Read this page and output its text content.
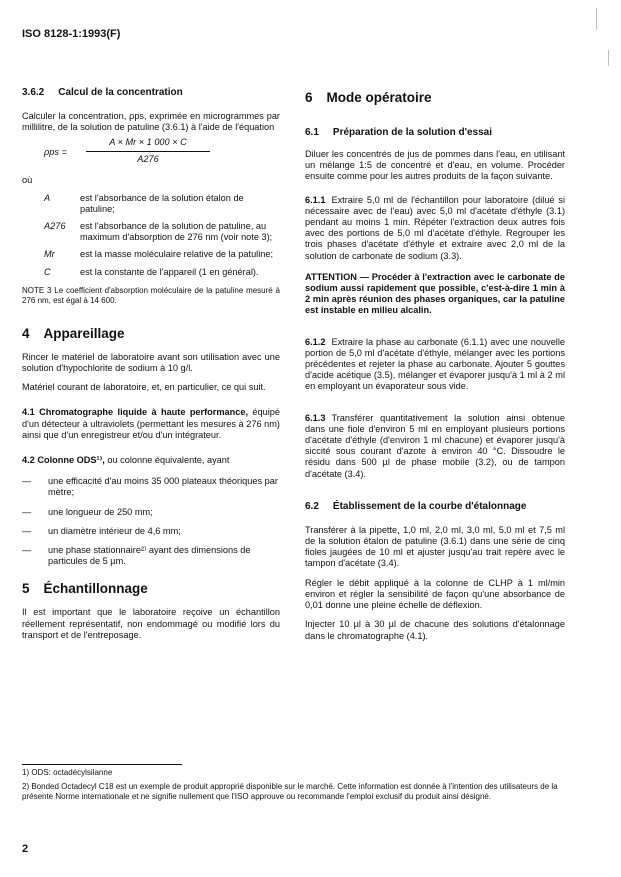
ISO 8128-1:1993(F)
3.6.2 Calcul de la concentration

Calculer la concentration, ρps, exprimée en microgrammes par millilitre, de la solution de patuline (3.6.1) à l'aide de l'équation

ρps =
A × Mr × 1 000 × C
A276

où

A	est l'absorbance de la solution étalon de patuline;
A276	est l'absorbance de la solution de patuline, au maximum d'absorption de 276 nm (voir note 3);
Mr	est la masse moléculaire relative de la patuline;
C	est la constante de l'appareil (1 en général).

NOTE 3 Le coefficient d'absorption moléculaire de la patuline mesuré à 276 nm, est égal à 14 600.

4 Appareillage

Rincer le matériel de laboratoire avant son utilisation avec une solution d'hypochlorite de sodium à 10 g/l.

Matériel courant de laboratoire, et, en particulier, ce qui suit.

4.1 Chromatographe liquide à haute performance, équipé d'un détecteur à ultraviolets (permettant les mesures à 276 nm) ainsi que d'un enregistreur et/ou d'un intégrateur.

4.2 Colonne ODS¹⁾, ou colonne équivalente, ayant

—	une efficacité d'au moins 35 000 plateaux théoriques par mètre;
—	une longueur de 250 mm;
—	un diamètre intérieur de 4,6 mm;
—	une phase stationnaire²⁾ ayant des dimensions de particules de 5 µm.
5 Échantillonnage

Il est important que le laboratoire reçoive un échantillon réellement représentatif, non endommagé ou modifié lors du transport et de l'entreposage.

6 Mode opératoire
6.1 Préparation de la solution d'essai

Diluer les concentrés de jus de pommes dans l'eau, en utilisant un mélange 1:5 de concentré et d'eau, en volume. Procéder ensuite comme pour les autres produits de la façon suivante.

6.1.1 Extraire 5,0 ml de l'échantillon pour laboratoire (dilué si nécessaire avec de l'eau) avec 5,0 ml d'acétate d'éthyle (3.1) pendant au moins 1 min. Répéter l'extraction deux autres fois avec des portions de 5,0 ml d'acétate d'éthyle. Regrouper les trois phases d'acétate d'éthyle et extraire avec 2,0 ml de la solution de carbonate de sodium (3.3).

ATTENTION — Procéder à l'extraction avec le carbonate de sodium aussi rapidement que possible, c'est-à-dire 1 min à 2 min après réunion des phases organiques, car la patuline est instable en milieu alcalin.

6.1.2 Extraire la phase au carbonate (6.1.1) avec une nouvelle portion de 5,0 ml d'acétate d'éthyle, mélanger avec les portions précédentes et rejeter la phase au carbonate. Ajouter 5 gouttes d'acide acétique (3.5), mélanger et évaporer jusqu'à 1 ml à 2 ml en employant un évaporateur sous vide.

6.1.3 Transférer quantitativement la solution ainsi obtenue dans une fiole d'environ 5 ml en employant plusieurs portions d'acétate d'éthyle (d'environ 1 ml chacune) et évaporer jusqu'à siccité sous courant d'azote à environ 40 °C. Dissoudre le résidu dans 500 µl de phase mobile (3.2), ou de tampon d'acétate (3.4).

6.2 Établissement de la courbe d'étalonnage

Transférer à la pipette, 1,0 ml, 2,0 ml, 3,0 ml, 5,0 ml et 7,5 ml de la solution étalon de patuline (3.6.1) dans une série de cinq fioles jaugées de 10 ml et ajuster jusqu'au trait repère avec le tampon d'acétate (3.4).

Régler le débit appliqué à la colonne de CLHP à 1 ml/min environ et régler la sensibilité de façon qu'une absorbance de 0,01 donne une pleine échelle de déflexion.

Injecter 10 µl à 30 µl de chacune des solutions d'étalonnage dans le chromatographe (4.1).

1) ODS: octadécylsilanne
2) Bonded Octadecyl C18 est un exemple de produit approprié disponible sur le marché. Cette information est donnée à l'intention des utilisateurs de la présente Norme internationale et ne signifie nullement que l'ISO approuve ou recommande l'emploi exclusif du produit ainsi désigné.
2
